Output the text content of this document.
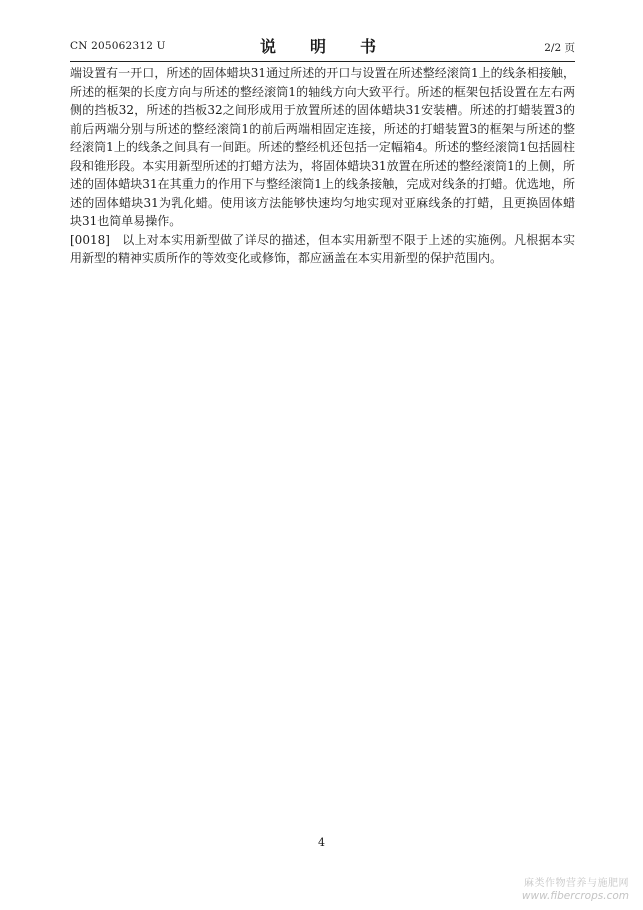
CN 205062312 U	说　明　书	2/2 页

端设置有一开口，所述的固体蜡块31通过所述的开口与设置在所述整经滚筒1上的线条相接触，所述的框架的长度方向与所述的整经滚筒1的轴线方向大致平行。所述的框架包括设置在左右两侧的挡板32，所述的挡板32之间形成用于放置所述的固体蜡块31安装槽。所述的打蜡装置3的前后两端分别与所述的整经滚筒1的前后两端相固定连接，所述的打蜡装置3的框架与所述的整经滚筒1上的线条之间具有一间距。所述的整经机还包括一定幅箱4。所述的整经滚筒1包括圆柱段和锥形段。本实用新型所述的打蜡方法为，将固体蜡块31放置在所述的整经滚筒1的上侧，所述的固体蜡块31在其重力的作用下与整经滚筒1上的线条接触，完成对线条的打蜡。优选地，所述的固体蜡块31为乳化蜡。使用该方法能够快速均匀地实现对亚麻线条的打蜡，且更换固体蜡块31也简单易操作。

[0018] 以上对本实用新型做了详尽的描述，但本实用新型不限于上述的实施例。凡根据本实用新型的精神实质所作的等效变化或修饰，都应涵盖在本实用新型的保护范围内。

4
麻类作物营养与施肥网
www.fibercrops.com
